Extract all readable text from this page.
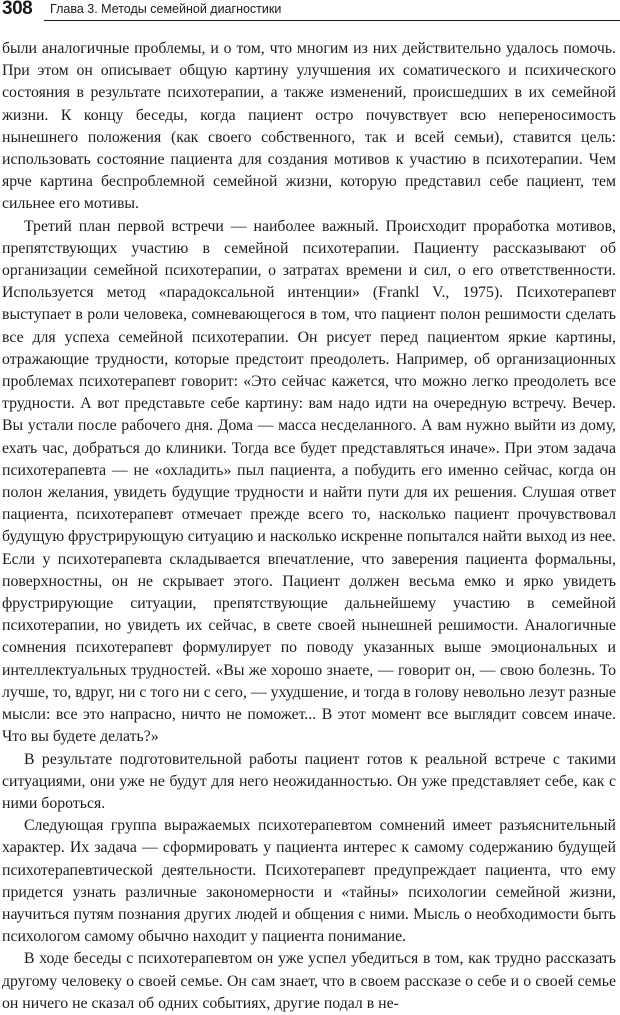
308 Глава 3. Методы семейной диагностики

были аналогичные проблемы, и о том, что многим из них действительно удалось помочь. При этом он описывает общую картину улучшения их соматического и психического состояния в результате психотерапии, а также изменений, происшедших в их семейной жизни. К концу беседы, когда пациент остро почувствует всю непереносимость нынешнего положения (как своего собственного, так и всей семьи), ставится цель: использовать состояние пациента для создания мотивов к участию в психотерапии. Чем ярче картина беспроблемной семейной жизни, которую представил себе пациент, тем сильнее его мотивы.

Третий план первой встречи — наиболее важный. Происходит проработка мотивов, препятствующих участию в семейной психотерапии. Пациенту рассказывают об организации семейной психотерапии, о затратах времени и сил, о его ответственности. Используется метод «парадоксальной интенции» (Frankl V., 1975). Психотерапевт выступает в роли человека, сомневающегося в том, что пациент полон решимости сделать все для успеха семейной психотерапии. Он рисует перед пациентом яркие картины, отражающие трудности, которые предстоит преодолеть. Например, об организационных проблемах психотерапевт говорит: «Это сейчас кажется, что можно легко преодолеть все трудности. А вот представьте себе картину: вам надо идти на очередную встречу. Вечер. Вы устали после рабочего дня. Дома — масса несделанного. А вам нужно выйти из дому, ехать час, добраться до клиники. Тогда все будет представляться иначе». При этом задача психотерапевта — не «охладить» пыл пациента, а побудить его именно сейчас, когда он полон желания, увидеть будущие трудности и найти пути для их решения. Слушая ответ пациента, психотерапевт отмечает прежде всего то, насколько пациент прочувствовал будущую фрустрирующую ситуацию и насколько искренне попытался найти выход из нее. Если у психотерапевта складывается впечатление, что заверения пациента формальны, поверхностны, он не скрывает этого. Пациент должен весьма емко и ярко увидеть фрустрирующие ситуации, препятствующие дальнейшему участию в семейной психотерапии, но увидеть их сейчас, в свете своей нынешней решимости. Аналогичные сомнения психотерапевт формулирует по поводу указанных выше эмоциональных и интеллектуальных трудностей. «Вы же хорошо знаете, — говорит он, — свою болезнь. То лучше, то, вдруг, ни с того ни с сего, — ухудшение, и тогда в голову невольно лезут разные мысли: все это напрасно, ничто не поможет... В этот момент все выглядит совсем иначе. Что вы будете делать?»

В результате подготовительной работы пациент готов к реальной встрече с такими ситуациями, они уже не будут для него неожиданностью. Он уже представляет себе, как с ними бороться.

Следующая группа выражаемых психотерапевтом сомнений имеет разъяснительный характер. Их задача — сформировать у пациента интерес к самому содержанию будущей психотерапевтической деятельности. Психотерапевт предупреждает пациента, что ему придется узнать различные закономерности и «тайны» психологии семейной жизни, научиться путям познания других людей и общения с ними. Мысль о необходимости быть психологом самому обычно находит у пациента понимание.

В ходе беседы с психотерапевтом он уже успел убедиться в том, как трудно рассказать другому человеку о своей семье. Он сам знает, что в своем рассказе о себе и о своей семье он ничего не сказал об одних событиях, другие подал в не-
